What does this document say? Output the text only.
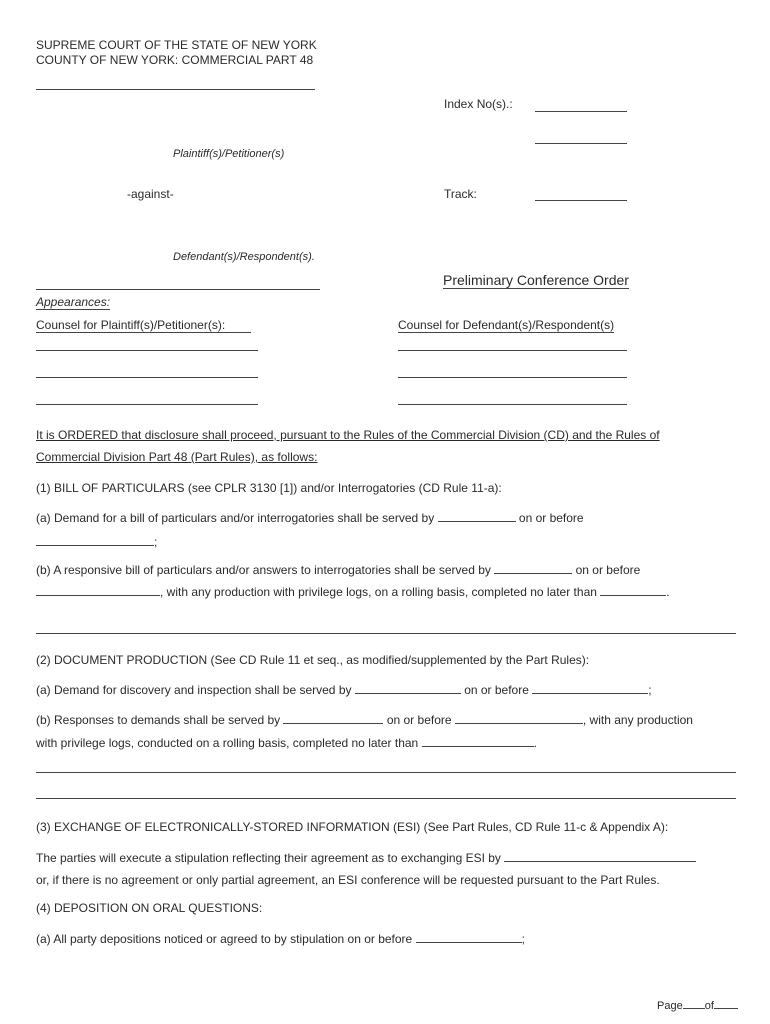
SUPREME COURT OF THE STATE OF NEW YORK
COUNTY OF NEW YORK: COMMERCIAL PART 48
Index No(s).:
Plaintiff(s)/Petitioner(s)
-against-	Track:
Defendant(s)/Respondent(s).
Preliminary Conference Order
Appearances:
Counsel for Plaintiff(s)/Petitioner(s):	Counsel for Defendant(s)/Respondent(s)
It is ORDERED that disclosure shall proceed, pursuant to the Rules of the Commercial Division (CD) and the Rules of
Commercial Division Part 48 (Part Rules), as follows:
(1) BILL OF PARTICULARS (see CPLR 3130 [1]) and/or Interrogatories (CD Rule 11-a):
(a) Demand for a bill of particulars and/or interrogatories shall be served by	on or before
;
(b) A responsive bill of particulars and/or answers to interrogatories shall be served by	on or before
, with any production with privilege logs, on a rolling basis, completed no later than	.
(2) DOCUMENT PRODUCTION (See CD Rule 11 et seq., as modified/supplemented by the Part Rules):
(a) Demand for discovery and inspection shall be served by	on or before	;
(b) Responses to demands shall be served by	on or before	, with any production
with privilege logs, conducted on a rolling basis, completed no later than	.
(3) EXCHANGE OF ELECTRONICALLY-STORED INFORMATION (ESI) (See Part Rules, CD Rule 11-c & Appendix A):
The parties will execute a stipulation reflecting their agreement as to exchanging ESI by
or, if there is no agreement or only partial agreement, an ESI conference will be requested pursuant to the Part Rules.
(4) DEPOSITION ON ORAL QUESTIONS:
(a) All party depositions noticed or agreed to by stipulation on or before	;
Page of
